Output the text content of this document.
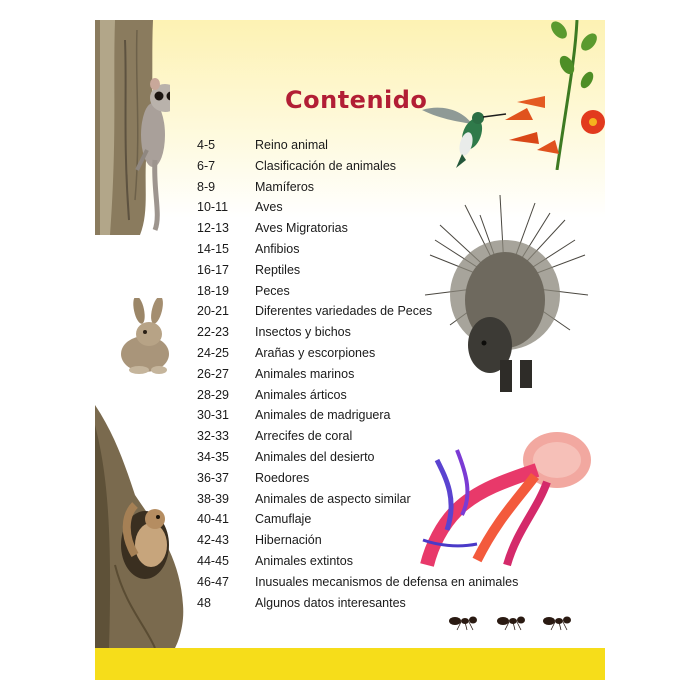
Contenido
4-5	Reino animal
6-7	Clasificación de animales
8-9	Mamíferos
10-11 Aves
12-13 Aves Migratorias
14-15 Anfibios
16-17 Reptiles
18-19 Peces
20-21 Diferentes variedades de Peces
22-23 Insectos y bichos
24-25 Arañas y escorpiones
26-27 Animales marinos
28-29 Animales árticos
30-31 Animales de madriguera
32-33 Arrecifes de coral
34-35 Animales del desierto
36-37 Roedores
38-39 Animales de aspecto similar
40-41 Camuflaje
42-43 Hibernación
44-45 Animales extintos
46-47 Inusuales mecanismos de defensa en animales
48	Algunos datos interesantes
